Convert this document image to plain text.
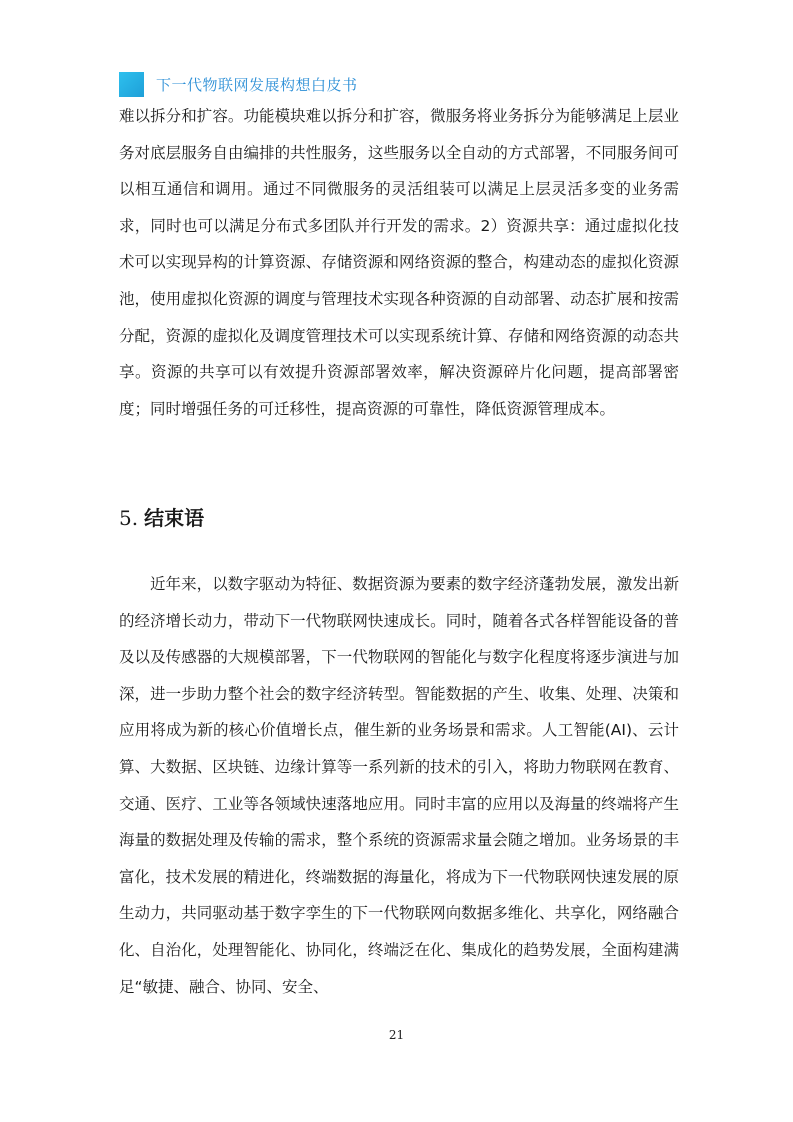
下一代物联网发展构想白皮书

难以拆分和扩容。功能模块难以拆分和扩容，微服务将业务拆分为能够满足上层业务对底层服务自由编排的共性服务，这些服务以全自动的方式部署，不同服务间可以相互通信和调用。通过不同微服务的灵活组装可以满足上层灵活多变的业务需求，同时也可以满足分布式多团队并行开发的需求。2）资源共享：通过虚拟化技术可以实现异构的计算资源、存储资源和网络资源的整合，构建动态的虚拟化资源池，使用虚拟化资源的调度与管理技术实现各种资源的自动部署、动态扩展和按需分配，资源的虚拟化及调度管理技术可以实现系统计算、存储和网络资源的动态共享。资源的共享可以有效提升资源部署效率，解决资源碎片化问题，提高部署密度；同时增强任务的可迁移性，提高资源的可靠性，降低资源管理成本。

5. 结束语

近年来，以数字驱动为特征、数据资源为要素的数字经济蓬勃发展，激发出新的经济增长动力，带动下一代物联网快速成长。同时，随着各式各样智能设备的普及以及传感器的大规模部署，下一代物联网的智能化与数字化程度将逐步演进与加深，进一步助力整个社会的数字经济转型。智能数据的产生、收集、处理、决策和应用将成为新的核心价值增长点，催生新的业务场景和需求。人工智能(AI)、云计算、大数据、区块链、边缘计算等一系列新的技术的引入，将助力物联网在教育、交通、医疗、工业等各领域快速落地应用。同时丰富的应用以及海量的终端将产生海量的数据处理及传输的需求，整个系统的资源需求量会随之增加。业务场景的丰富化，技术发展的精进化，终端数据的海量化，将成为下一代物联网快速发展的原生动力，共同驱动基于数字孪生的下一代物联网向数据多维化、共享化，网络融合化、自治化，处理智能化、协同化，终端泛在化、集成化的趋势发展，全面构建满足“敏捷、融合、协同、安全、

21
